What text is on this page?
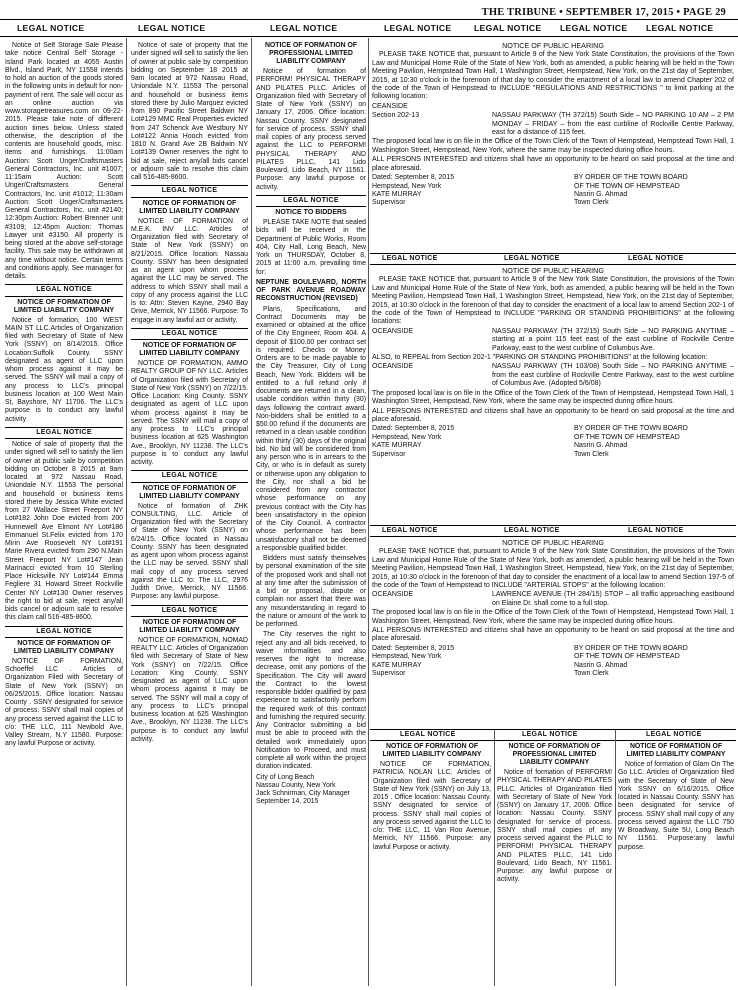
THE TRIBUNE • SEPTEMBER 17, 2015 • PAGE 29
LEGAL NOTICE	LEGAL NOTICE	LEGAL NOTICE	LEGAL NOTICE	LEGAL NOTICE LEGAL NOTICE LEGAL NOTICE

Notice of Self Storage Sale Please take notice Central Self Storage - Island Park located at 4055 Austin Blvd., Island Park, NY 11558 intends to hold an auction of the goods stored in the following units in default for non-payment of rent. The sale will occur as an online auction via www.storagetreasures.com on 09-22-2015. Please take note of different auction times below. Unless stated otherwise, the description of the contents are household goods, misc. items and furnishings. 11:00am Auction: Scott Unger/Craftsmasters General Contractors, Inc. unit #1007; 11:15am Auction: Scott Unger/Craftsmasters General Contractors, Inc. unit #1012; 11:30am Auction: Scott Unger/Craftsmasters General Contractors, Inc. unit #2140; 12:30pm Auction: Robert Brenner unit #3109; 12:45pm Auction: Thomas Lawyer unit #3150. All property is being stored at the above self-storage facility. This sale may be withdrawn at any time without notice. Certain terms and conditions apply. See manager for details.

LEGAL NOTICE
NOTICE OF FORMATION OF LIMITED LIABILITY COMPANY

Notice of formation, 100 WEST MAIN ST LLC.Articles of Organization filed with Secretary of State of New York (SSNY) on 8/14/2015. Office Location:Suffolk County. SSNY designated as agent of LLC upon whom process against it may be served. The SSNY will mail a copy of any process to LLC's principal business location at 100 West Main St, Bayshore, NY 11706. The LLC's purpose is to conduct any lawful activity

LEGAL NOTICE

Notice of sale of property that the under signed will sell to satisfy the lien of owner at public sale by competition bidding on October 8 2015 at 9am located at 972 Nassau Road, Uniondale N.Y. 11553 The personal and household or business items stored there by Jessica White evicted from 27 Wallace Street Freeport NY Lot#182 John Doe evicted from 200 Hunnewell Ave Elmont NY Lot#186 Emmanuel St.Felix evicted from 170 Mirin Ave Roosevelt NY Lot#191 Marie Rivera evicted from 290 N.Main Street Freeport NY Lot#147 Jean Marinacci evicted from 10 Sterling Place Hicksville NY Lot#144 Emma Fegliere 31 Howard Street Rockville Center NY Lot#130 Owner reserves the right to bid at sale, reject any/all bids cancel or adjourn sale to resolve this claim call 516-485-8600.

LEGAL NOTICE
NOTICE OF FORMATION OF LIMITED LIABILITY COMPANY

NOTICE OF FORMATION, Schoeffel LLC . Articles of Organization Filed with Secretary of State of New York (SSNY) on 06/25/2015. Office location: Nassau County . SSNY designated for service of process. SSNY shall mail copies of any process served against the LLC to c/o: THE LLC, 111 Newbold Ave, Valley Stream, N.Y 11580. Purpose: any lawful Purpose or activity.

Notice of sale of property that the under signed will sell to satisfy the lien of owner at public sale by competition bidding on September 18 2015 at 9am located at 972 Nassau Road, Uniondale N.Y. 11553 The personal and household or business items stored there by Julio Marquez evicted from 890 Pacific Street Baldwin NY Lot#129 MMC Real Properties evicted from 247 Schenck Ave Westbury NY Lot#122 Annia Hooch evicted from 1810 N. Grand Ave 2B Baldwin NY Lot#139 Owner reserves the right to bid at sale, reject any/all bids cancel or adjourn sale to resolve this claim call 516-485-8600.

LEGAL NOTICE
NOTICE OF FORMATION OF LIMITED LIABILITY COMPANY

NOTICE OF FORMATION of M.E.K. INV LLC. Articles of Organization filed with Secretary of State of New York (SSNY) on 8/21/2015. Office location: Nassau County. SSNY has been designated as an agent upon whom process against the LLC may be served. The address to which SSNY shall mail a copy of any process against the LLC is to: Attn: Steven Kayne, 2940 Bay Drive, Merrick, NY 11566. Purpose: To engage in any lawful act or activity.

LEGAL NOTICE
NOTICE OF FORMATION OF LIMITED LIABILITY COMPANY

NOTICE OF FORMATION, AMMO REALTY GROUP OF NY LLC. Articles of Organization filed with Secretary of State of New York (SSNY) on 7/22/15. Office Location: King County. SSNY designated as agent of LLC upon whom process against it may be served. The SSNY will mail a copy of any process to LLC's principal business location at 625 Washington Ave., Brooklyn, NY 11238. The LLC's purpose is to conduct any lawful activity.

LEGAL NOTICE
NOTICE OF FORMATION OF LIMITED LIABILITY COMPANY

Notice of formation of ZHK CONSULTING, LLC. Article of Organization filed with the Secretary of State of New York (SSNY) on 6/24/15. Office located in Nassau County. SSNY has been designated as agent upon whom process against the LLC may be served. SSNY shall mail copy of any process served against the LLC to: The LLC, 2976 Judith Drive, Merrick, NY 11566. Purpose: any lawful purpose.

LEGAL NOTICE
NOTICE OF FORMATION OF LIMITED LIABILITY COMPANY

NOTICE OF FORMATION, NOMAD REALTY LLC. Articles of Organization filed with Secretary of State of New York (SSNY) on 7/22/15. Office Location: King County. SSNY designated as agent of LLC upon whom process against it may be served. The SSNY will mail a copy of any process to LLC's principal business location at 625 Washington Ave., Brooklyn, NY 11238. The LLC's purpose is to conduct any lawful activity.

NOTICE OF FORMATION OF PROFESSIONAL LIMITED LIABILITY COMPANY

Notice of formation of PERFORM! PHYSICAL THERAPY AND PILATES PLLC. Articles of Organization filed with Secretary of State of New York (SSNY) on January 17, 2006. Office location: Nassau County. SSNY designated for service of process. SSNY shall mail copies of any process served against the LLC to PERFORM! PHYSICAL THERAPY AND PILATES PLLC, 141 Lido Boulevard, Lido Beach, NY 11561. Purpose: any lawful purpose or activity.

LEGAL NOTICE
NOTICE TO BIDDERS

PLEASE TAKE NOTE that sealed bids will be received in the Department of Public Works, Room 404, City Hall, Long Beach, New York on THURSDAY, October 8, 2015 at 11:00 a.m. prevailing time for:

NEPTUNE BOULEVARD, NORTH OF PARK AVENUE ROADWAY RECONSTRUCTION (REVISED)

Plans, Specifications, and Contract Documents may be examined or obtained at the office of the City Engineer, Room 404. A deposit of $100.00 per contract set is required. Checks or Money Orders are to be made payable to the City Treasurer, City of Long Beach, New York. Bidders will be entitled to a full refund only if documents are returned in a clean, usable condition within thirty (30) days following the contract award. Non-bidders shall be entitled to a $50.00 refund if the documents are returned in a clean usable condition within thirty (30) days of the original bid. No bid will be considered from any person who is in arrears to the City, or who is in default as surety or otherwise upon any obligation to the City, nor shall a bid be considered from any contractor whose performance on any previous contract with the City has been unsatisfactory in the opinion of the City Council. A contractor whose performance has been unsatisfactory shall not be deemed a responsible qualified bidder.

Bidders must satisfy themselves by personal examination of the site of the proposed work and shall not at any time after the submission of a bid or proposal, dispute or complain nor assert that there was any misunderstanding in regard to the nature or amount of the work to be performed.

The City reserves the right to reject any and all bids received, to waive informalities and also reserves the right to increase, decrease, omit any portions of the Specification. The City will award the Contract to the lowest responsible bidder qualified by past experience to satisfactorily perform the required work of this contract and furnishing the required security. Any Contractor submitting a bid must be able to proceed with the detailed work immediately upon Notification to Proceed, and must complete all work within the project duration indicated.

City of Long Beach
Nassau County, New York
Jack Schnirman, City Manager
September 14, 2015
NOTICE OF PUBLIC HEARING

PLEASE TAKE NOTICE that, pursuant to Article 9 of the New York State Constitution, the provisions of the Town Law and Municipal Home Rule of the State of New York, both as amended, a public hearing will be held in the Town Meeting Pavilion, Hempstead Town Hall, 1 Washington Street, Hempstead, New York, on the 21st day of September, 2015, at 10:30 o'clock in the forenoon of that day to consider the enactment of a local law to amend Chapter 202 of the code of the Town of Hempstead to INCLUDE "REGULATIONS AND RESTRICTIONS " to limit parking at the following location:

CEANSIDE
Section 202-13	NASSAU PARKWAY (TH 372/15) South Side – NO PARKING 10 AM – 2 PM MONDAY – FRIDAY – from the east curbline of Rockville Centre Parkway, east for a distance of 115 feet.

The proposed local law is on file in the Office of the Town Clerk of the Town of Hempstead, Hempstead Town Hall, 1 Washington Street, Hempstead, New York, where the same may be inspected during office hours.

ALL PERSONS INTERESTED and citizens shall have an opportunity to be heard on said proposal at the time and place aforesaid.

Dated: September 8, 2015
Hempstead, New York
KATE MURRAY
Supervisor
BY ORDER OF THE TOWN BOARD
OF THE TOWN OF HEMPSTEAD
Nasrin G. Ahmad
Town Clerk
LEGAL NOTICE	LEGAL NOTICE	LEGAL NOTICE
NOTICE OF PUBLIC HEARING

PLEASE TAKE NOTICE that, pursuant to Article 9 of the New York State Constitution, the provisions of the Town Law and Municipal Home Rule of the State of New York, both as amended, a public hearing will be held in the Town Meeting Pavilion, Hempstead Town Hall, 1 Washington Street, Hempstead, New York, on the 21st day of September, 2015, at 10:30 o'clock in the forenoon of that day to consider the enactment of a local law to amend Section 202-1 of the code of the Town of Hempstead to INCLUDE "PARKING OR STANDING PROHIBITIONS" at the following locations:

OCEANSIDE	NASSAU PARKWAY (TH 372/15) South Side – NO PARKING ANYTIME – starting at a point 115 feet east of the east curbline of Rockville Centre Parkway, east to the west curbline of Columbus Ave.

ALSO, to REPEAL from Section 202-1 "PARKING OR STANDING PROHIBITIONS" at the following location:

OCEANSIDE	NASSAU PARKWAY (TH 103/08) South Side – NO PARKING ANYTIME – from the east curbline of Rockville Centre Parkway, east to the west curbline of Columbus Ave. (Adopted 5/6/08)

The proposed local law is on file in the Office of the Town Clerk of the Town of Hempstead, Hempstead Town Hall, 1 Washington Street, Hempstead, New York, where the same may be inspected during office hours.

ALL PERSONS INTERESTED and citizens shall have an opportunity to be heard on said proposal at the time and place aforesaid.

Dated: September 8, 2015
Hempstead, New York
KATE MURRAY
Supervisor
BY ORDER OF THE TOWN BOARD
OF THE TOWN OF HEMPSTEAD
Nasrin G. Ahmad
Town Clerk
LEGAL NOTICE	LEGAL NOTICE	LEGAL NOTICE
NOTICE OF PUBLIC HEARING

PLEASE TAKE NOTICE that, pursuant to Article 9 of the New York State Constitution, the provisions of the Town Law and Municipal Home Rule of the State of New York, both as amended, a public hearing will be held in the Town Meeting Pavilion, Hempstead Town Hall, 1 Washington Street, Hempstead, New York, on the 21st day of September, 2015, at 10:30 o'clock in the forenoon of that day to consider the enactment of a local law to amend Section 197-5 of the code of the Town of Hempstead to INCLUDE "ARTERIAL STOPS" at the following location:

OCEANSIDE	LAWRENCE AVENUE (TH 284/15) STOP – all traffic approaching eastbound on Elaine Dr. shall come to a full stop.

The proposed local law is on file in the Office of the Town Clerk of the Town of Hempstead, Hempstead Town Hall, 1 Washington Street, Hempstead, New York, where the same may be inspected during office hours.

ALL PERSONS INTERESTED and citizens shall have an opportunity to be heard on said proposal at the time and place aforesaid.

Dated: September 8, 2015
Hempstead, New York
KATE MURRAY
Supervisor
BY ORDER OF THE TOWN BOARD
OF THE TOWN OF HEMPSTEAD
Nasrin G. Ahmad
Town Clerk
LEGAL NOTICE	LEGAL NOTICE	LEGAL NOTICE
NOTICE OF FORMATION OF LIMITED LIABILITY COMPANY

NOTICE OF FORMATION, PATRICIA NOLAN LLC. Articles of Organization filed with Secretary of State of New York (SSNY) on July 13, 2015 . Office location: Nassau County. SSNY designated for service of process. SSNY shall mail copies of any process served against the LLC to c/o: THE LLC, 11 Van Roo Avenue, Merrick, NY 11566. Purpose: any lawful Purpose or activity.

NOTICE OF FORMATION OF PROFESSIONAL LIMITED LIABILITY COMPANY

Notice of formation of PERFORM! PHYSICAL THERAPY AND PILATES PLLC. Articles of Organization filed with Secretary of State of New York (SSNY) on January 17, 2006. Office location: Nassau County. SSNY designated for service of process. SSNY shall mail copies of any process served against the PLLC to PERFORM! PHYSICAL THERAPY AND PILATES PLLC, 141 Lido Boulevard, Lido Beach, NY 11561. Purpose: any lawful purpose or activity.

NOTICE OF FORMATION OF LIMITED LIABILITY COMPANY

Notice of formation of Glam On The Go LLC. Articles of Organization filed with the Secretary of State of New York SSNY on 6/16/2015. Office located in Nassau County. SSNY has been designated for service of process. SSNY shall mail copy of any process served against the LLC 750 W Broadway, Suite 5U, Long Beach NY 11561. Purpose:any lawful purpose.
